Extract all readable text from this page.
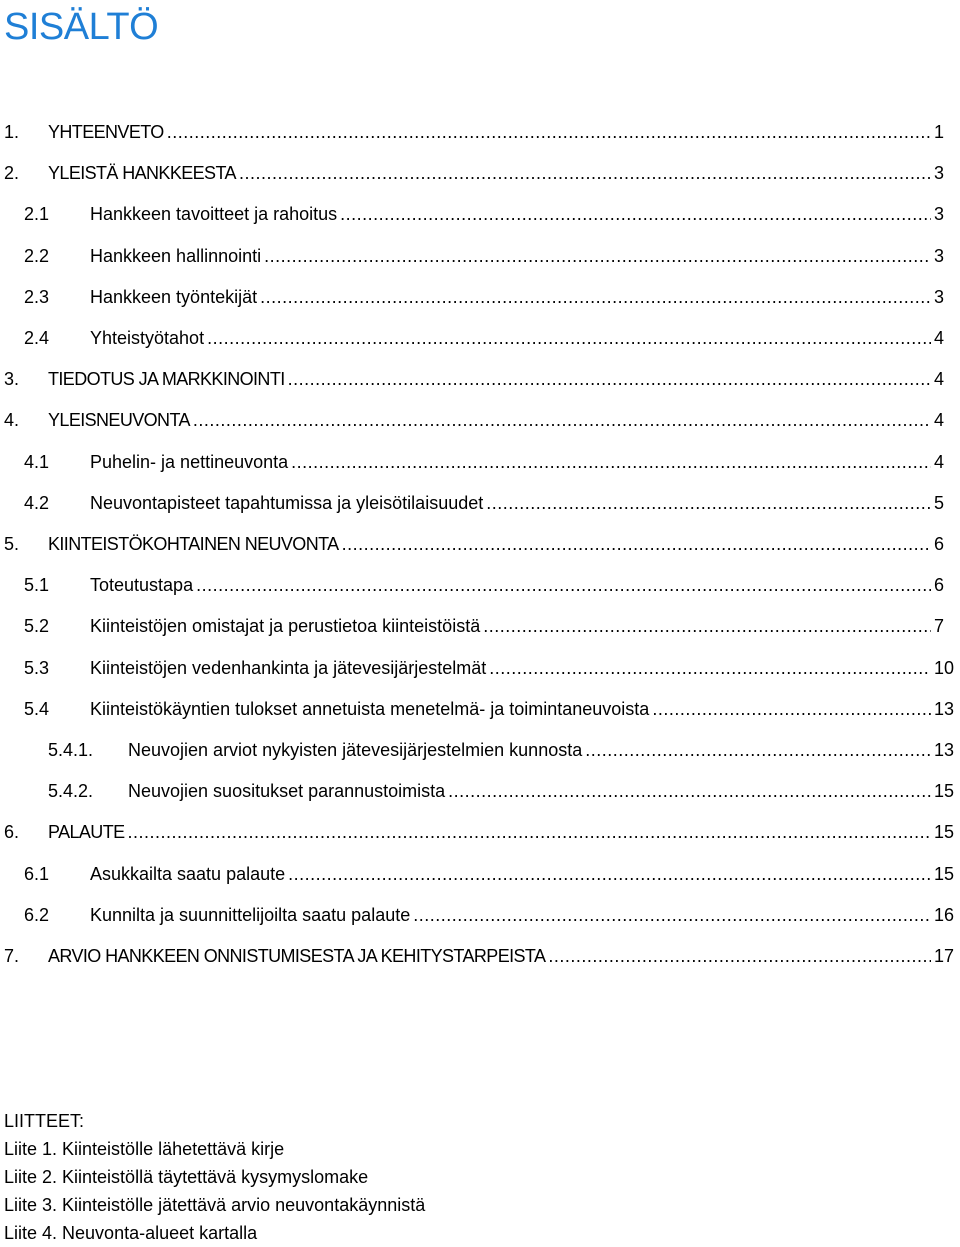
SISÄLTÖ
1. YHTEENVETO .....	1
2. YLEISTÄ HANKKEESTA .....	3
2.1 Hankkeen tavoitteet ja rahoitus .....	3
2.2 Hankkeen hallinnointi .....	3
2.3 Hankkeen työntekijät .....	3
2.4 Yhteistyötahot .....	4
3. TIEDOTUS JA MARKKINOINTI .....	4
4. YLEISNEUVONTA .....	4
4.1 Puhelin- ja nettineuvonta .....	4
4.2 Neuvontapisteet tapahtumissa ja yleisötilaisuudet .....	5
5. KIINTEISTÖKOHTAINEN NEUVONTA .....	6
5.1 Toteutustapa .....	6
5.2 Kiinteistöjen omistajat ja perustietoa kiinteistöistä .....	7
5.3 Kiinteistöjen vedenhankinta ja jätevesijärjestelmät .....	10
5.4 Kiinteistökäyntien tulokset annetuista menetelmä- ja toimintaneuvoista .....	13
5.4.1. Neuvojien arviot nykyisten jätevesijärjestelmien kunnosta .....	13
5.4.2. Neuvojien suositukset parannustoimista .....	15
6. PALAUTE .....	15
6.1 Asukkailta saatu palaute .....	15
6.2 Kunnilta ja suunnittelijoilta saatu palaute .....	16
7. ARVIO HANKKEEN ONNISTUMISESTA JA KEHITYSTARPEISTA .....	17
LIITTEET:
Liite 1. Kiinteistölle lähetettävä kirje
Liite 2. Kiinteistöllä täytettävä kysymyslomake
Liite 3. Kiinteistölle jätettävä arvio neuvontakäynnistä
Liite 4. Neuvonta-alueet kartalla
